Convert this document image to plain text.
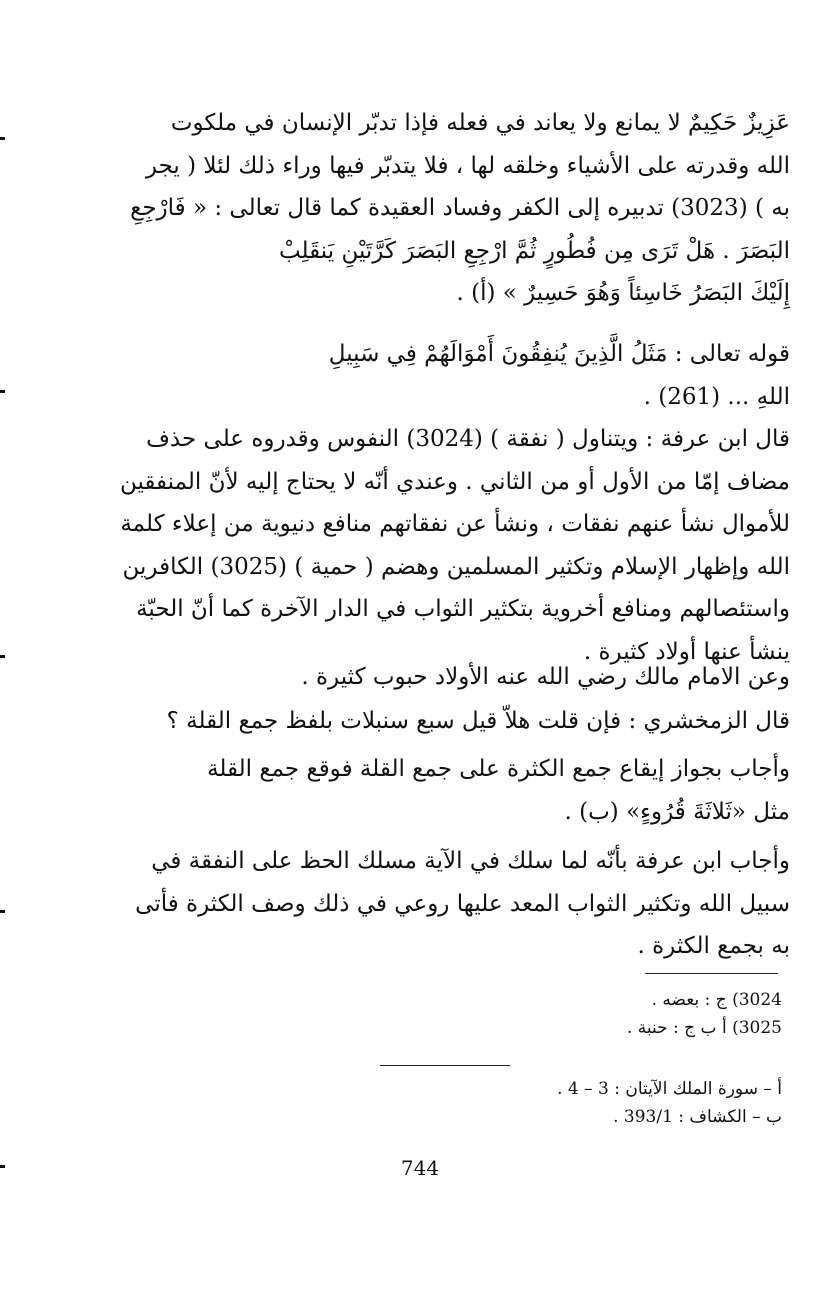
عَزِيزٌ حَكِيمٌ لا يمانع ولا يعاند في فعله فإذا تدبّر الإنسان في ملكوت
الله وقدرته على الأشياء وخلقه لها ، فلا يتدبّر فيها وراء ذلك لئلا ( يجر
به ) (3023) تدبيره إلى الكفر وفساد العقيدة كما قال تعالى : « فَارْجِعِ
البَصَرَ . هَلْ تَرَى مِن فُطُورٍ ثُمَّ ارْجِعِ البَصَرَ كَرَّتَيْنِ يَنقَلِبْ
إِلَيْكَ البَصَرُ خَاسِئاً وَهُوَ حَسِيرٌ » (أ) .

قوله تعالى : مَثَلُ الَّذِينَ يُنفِقُونَ أَمْوَالَهُمْ فِي سَبِيلِ
اللهِ ... (261) .

قال ابن عرفة : ويتناول ( نفقة ) (3024) النفوس وقدروه على حذف
مضاف إمّا من الأول أو من الثاني . وعندي أنّه لا يحتاج إليه لأنّ المنفقين
للأموال نشأ عنهم نفقات ، ونشأ عن نفقاتهم منافع دنيوية من إعلاء كلمة
الله وإظهار الإسلام وتكثير المسلمين وهضم ( حمية ) (3025) الكافرين
واستئصالهم ومنافع أخروية بتكثير الثواب في الدار الآخرة كما أنّ الحبّة
ينشأ عنها أولاد كثيرة .

وعن الامام مالك رضي الله عنه الأولاد حبوب كثيرة .

قال الزمخشري : فإن قلت هلاّ قيل سبع سنبلات بلفظ جمع القلة ؟

وأجاب بجواز إيقاع جمع الكثرة على جمع القلة فوقع جمع القلة
مثل «ثَلاثَةَ قُرُوءٍ» (ب) .

وأجاب ابن عرفة بأنّه لما سلك في الآية مسلك الحظ على النفقة في
سبيل الله وتكثير الثواب المعد عليها روعي في ذلك وصف الكثرة فأتى
به بجمع الكثرة .

3024) ج : بعضه .
3025) أ ب ج : حنبة .
أ – سورة الملك الآيتان : 3 – 4 .
ب – الكشاف : 393/1 .
744
